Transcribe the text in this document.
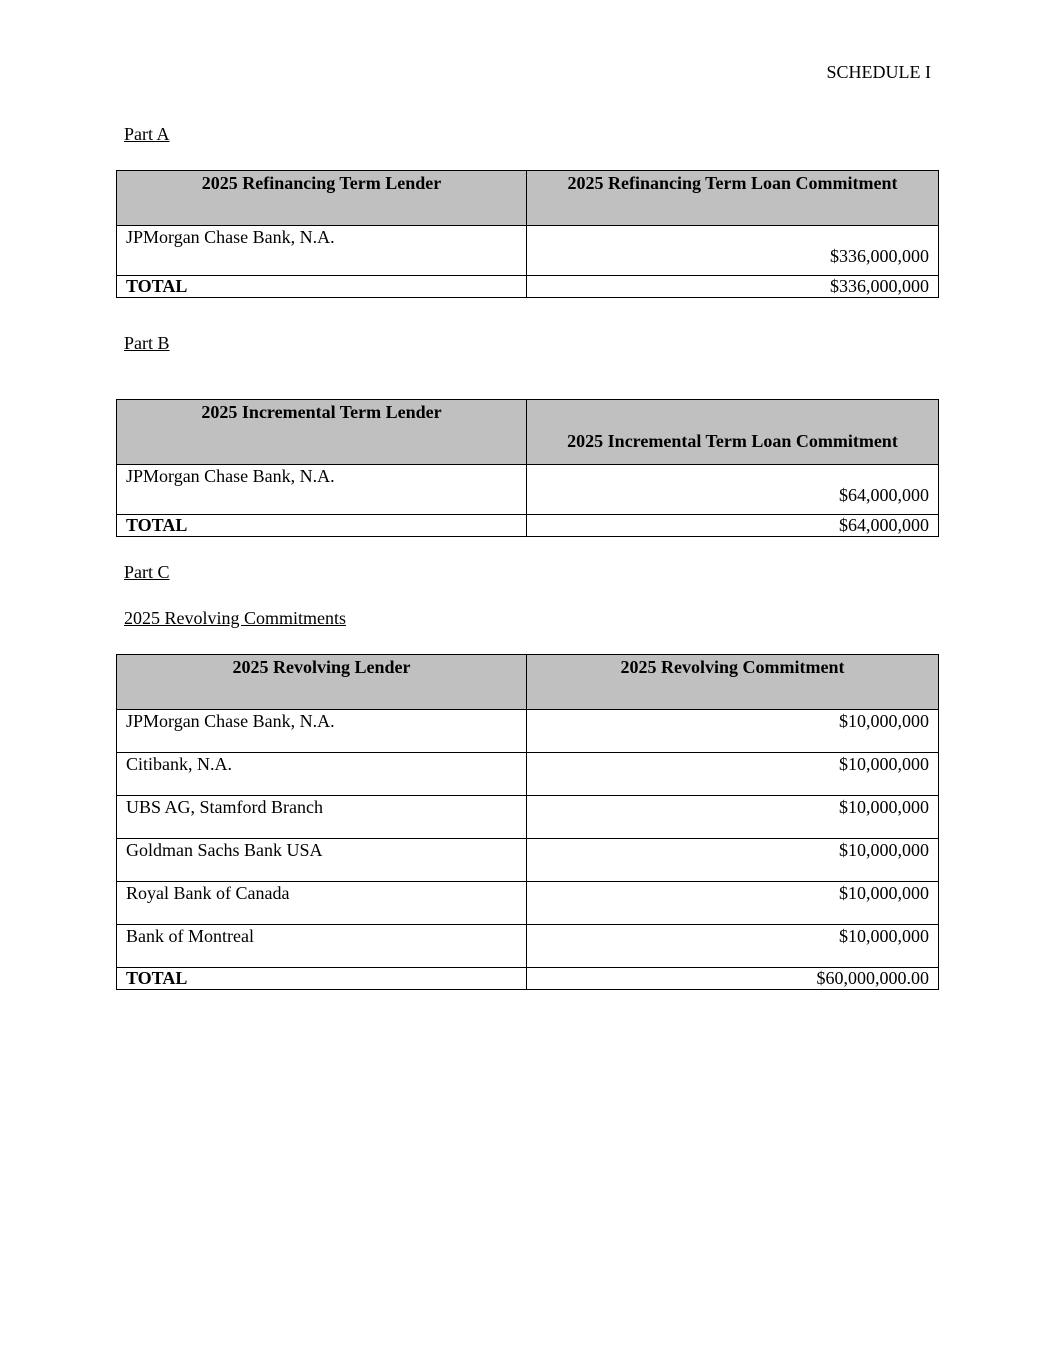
SCHEDULE I
Part A
2025 Refinancing Term Lender	2025 Refinancing Term Loan Commitment
JPMorgan Chase Bank, N.A.	$336,000,000
TOTAL	$336,000,000
Part B
2025 Incremental Term Lender	2025 Incremental Term Loan Commitment
JPMorgan Chase Bank, N.A.	$64,000,000
TOTAL	$64,000,000
Part C
2025 Revolving Commitments
2025 Revolving Lender	2025 Revolving Commitment
JPMorgan Chase Bank, N.A.	$10,000,000
Citibank, N.A.	$10,000,000
UBS AG, Stamford Branch	$10,000,000
Goldman Sachs Bank USA	$10,000,000
Royal Bank of Canada	$10,000,000
Bank of Montreal	$10,000,000
TOTAL	$60,000,000.00
